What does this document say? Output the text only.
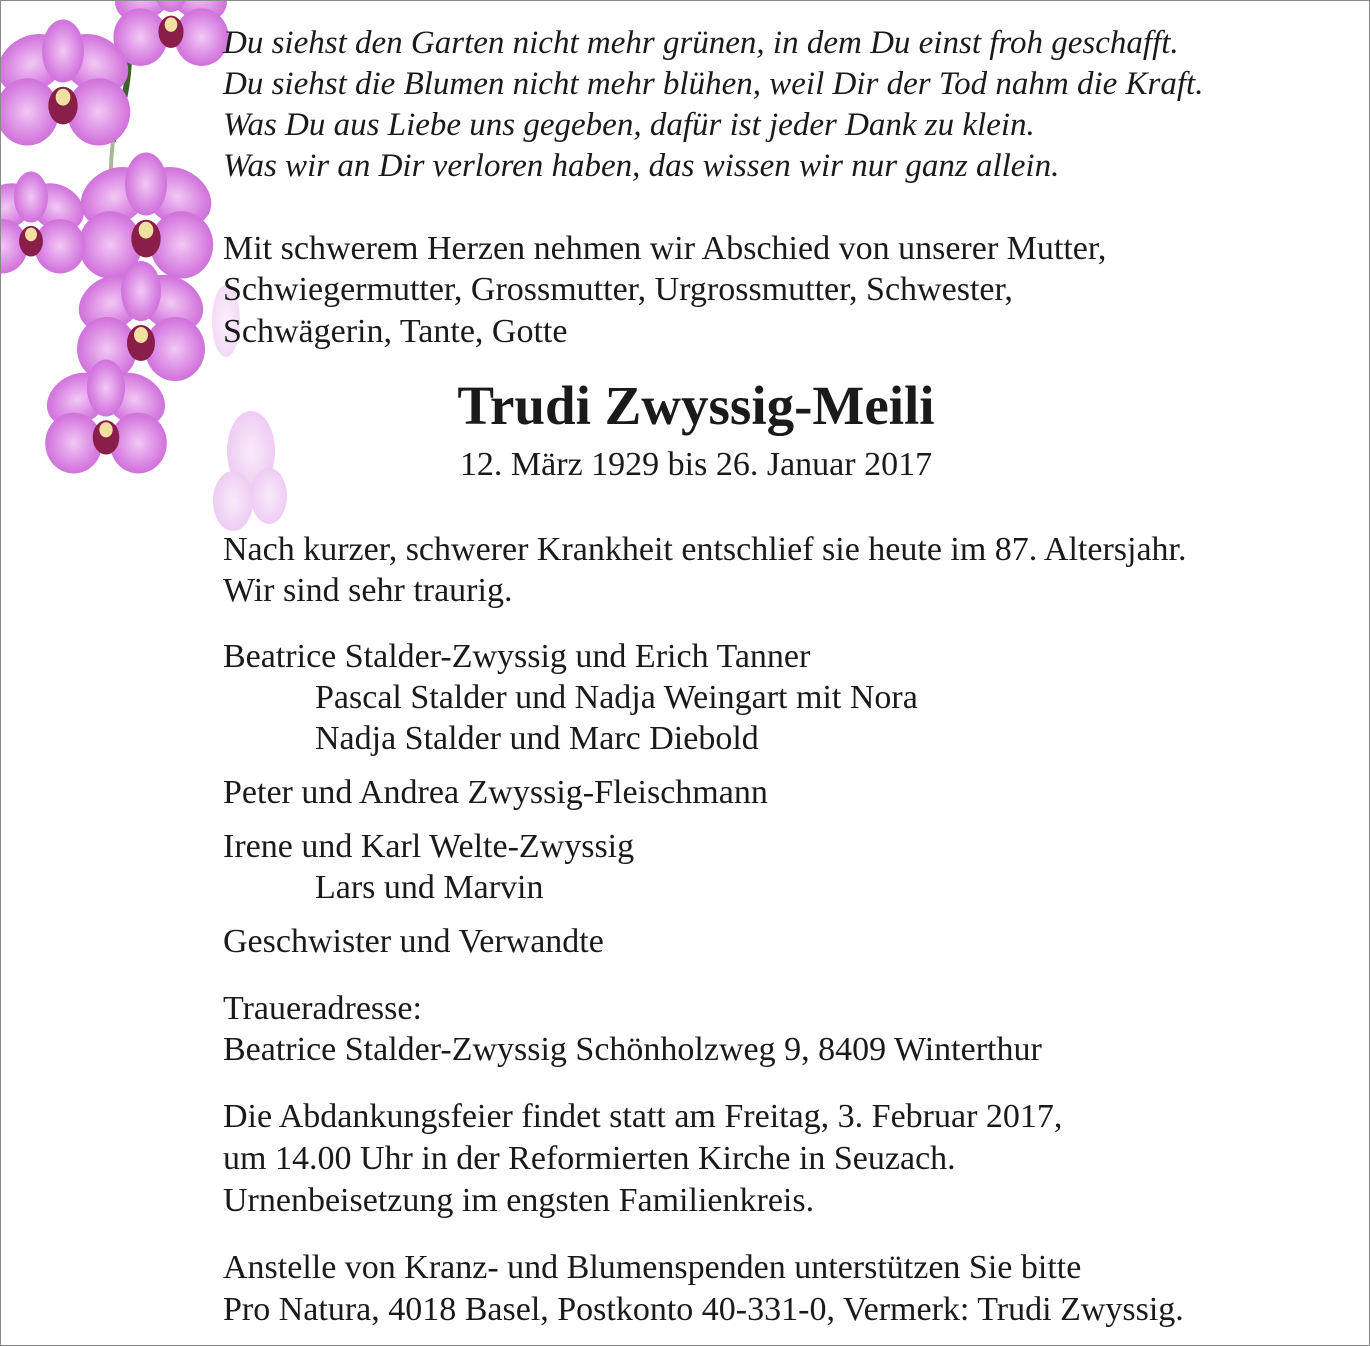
Du siehst den Garten nicht mehr grünen, in dem Du einst froh geschafft.
Du siehst die Blumen nicht mehr blühen, weil Dir der Tod nahm die Kraft.
Was Du aus Liebe uns gegeben, dafür ist jeder Dank zu klein.
Was wir an Dir verloren haben, das wissen wir nur ganz allein.
Mit schwerem Herzen nehmen wir Abschied von unserer Mutter,
Schwiegermutter, Grossmutter, Urgrossmutter, Schwester,
Schwägerin, Tante, Gotte
Trudi Zwyssig-Meili
12. März 1929 bis 26. Januar 2017
Nach kurzer, schwerer Krankheit entschlief sie heute im 87. Altersjahr.
Wir sind sehr traurig.
Beatrice Stalder-Zwyssig und Erich Tanner
Pascal Stalder und Nadja Weingart mit Nora
Nadja Stalder und Marc Diebold
Peter und Andrea Zwyssig-Fleischmann
Irene und Karl Welte-Zwyssig
Lars und Marvin
Geschwister und Verwandte
Traueradresse:
Beatrice Stalder-Zwyssig Schönholzweg 9, 8409 Winterthur
Die Abdankungsfeier findet statt am Freitag, 3. Februar 2017,
um 14.00 Uhr in der Reformierten Kirche in Seuzach.
Urnenbeisetzung im engsten Familienkreis.
Anstelle von Kranz- und Blumenspenden unterstützen Sie bitte
Pro Natura, 4018 Basel, Postkonto 40-331-0, Vermerk: Trudi Zwyssig.
